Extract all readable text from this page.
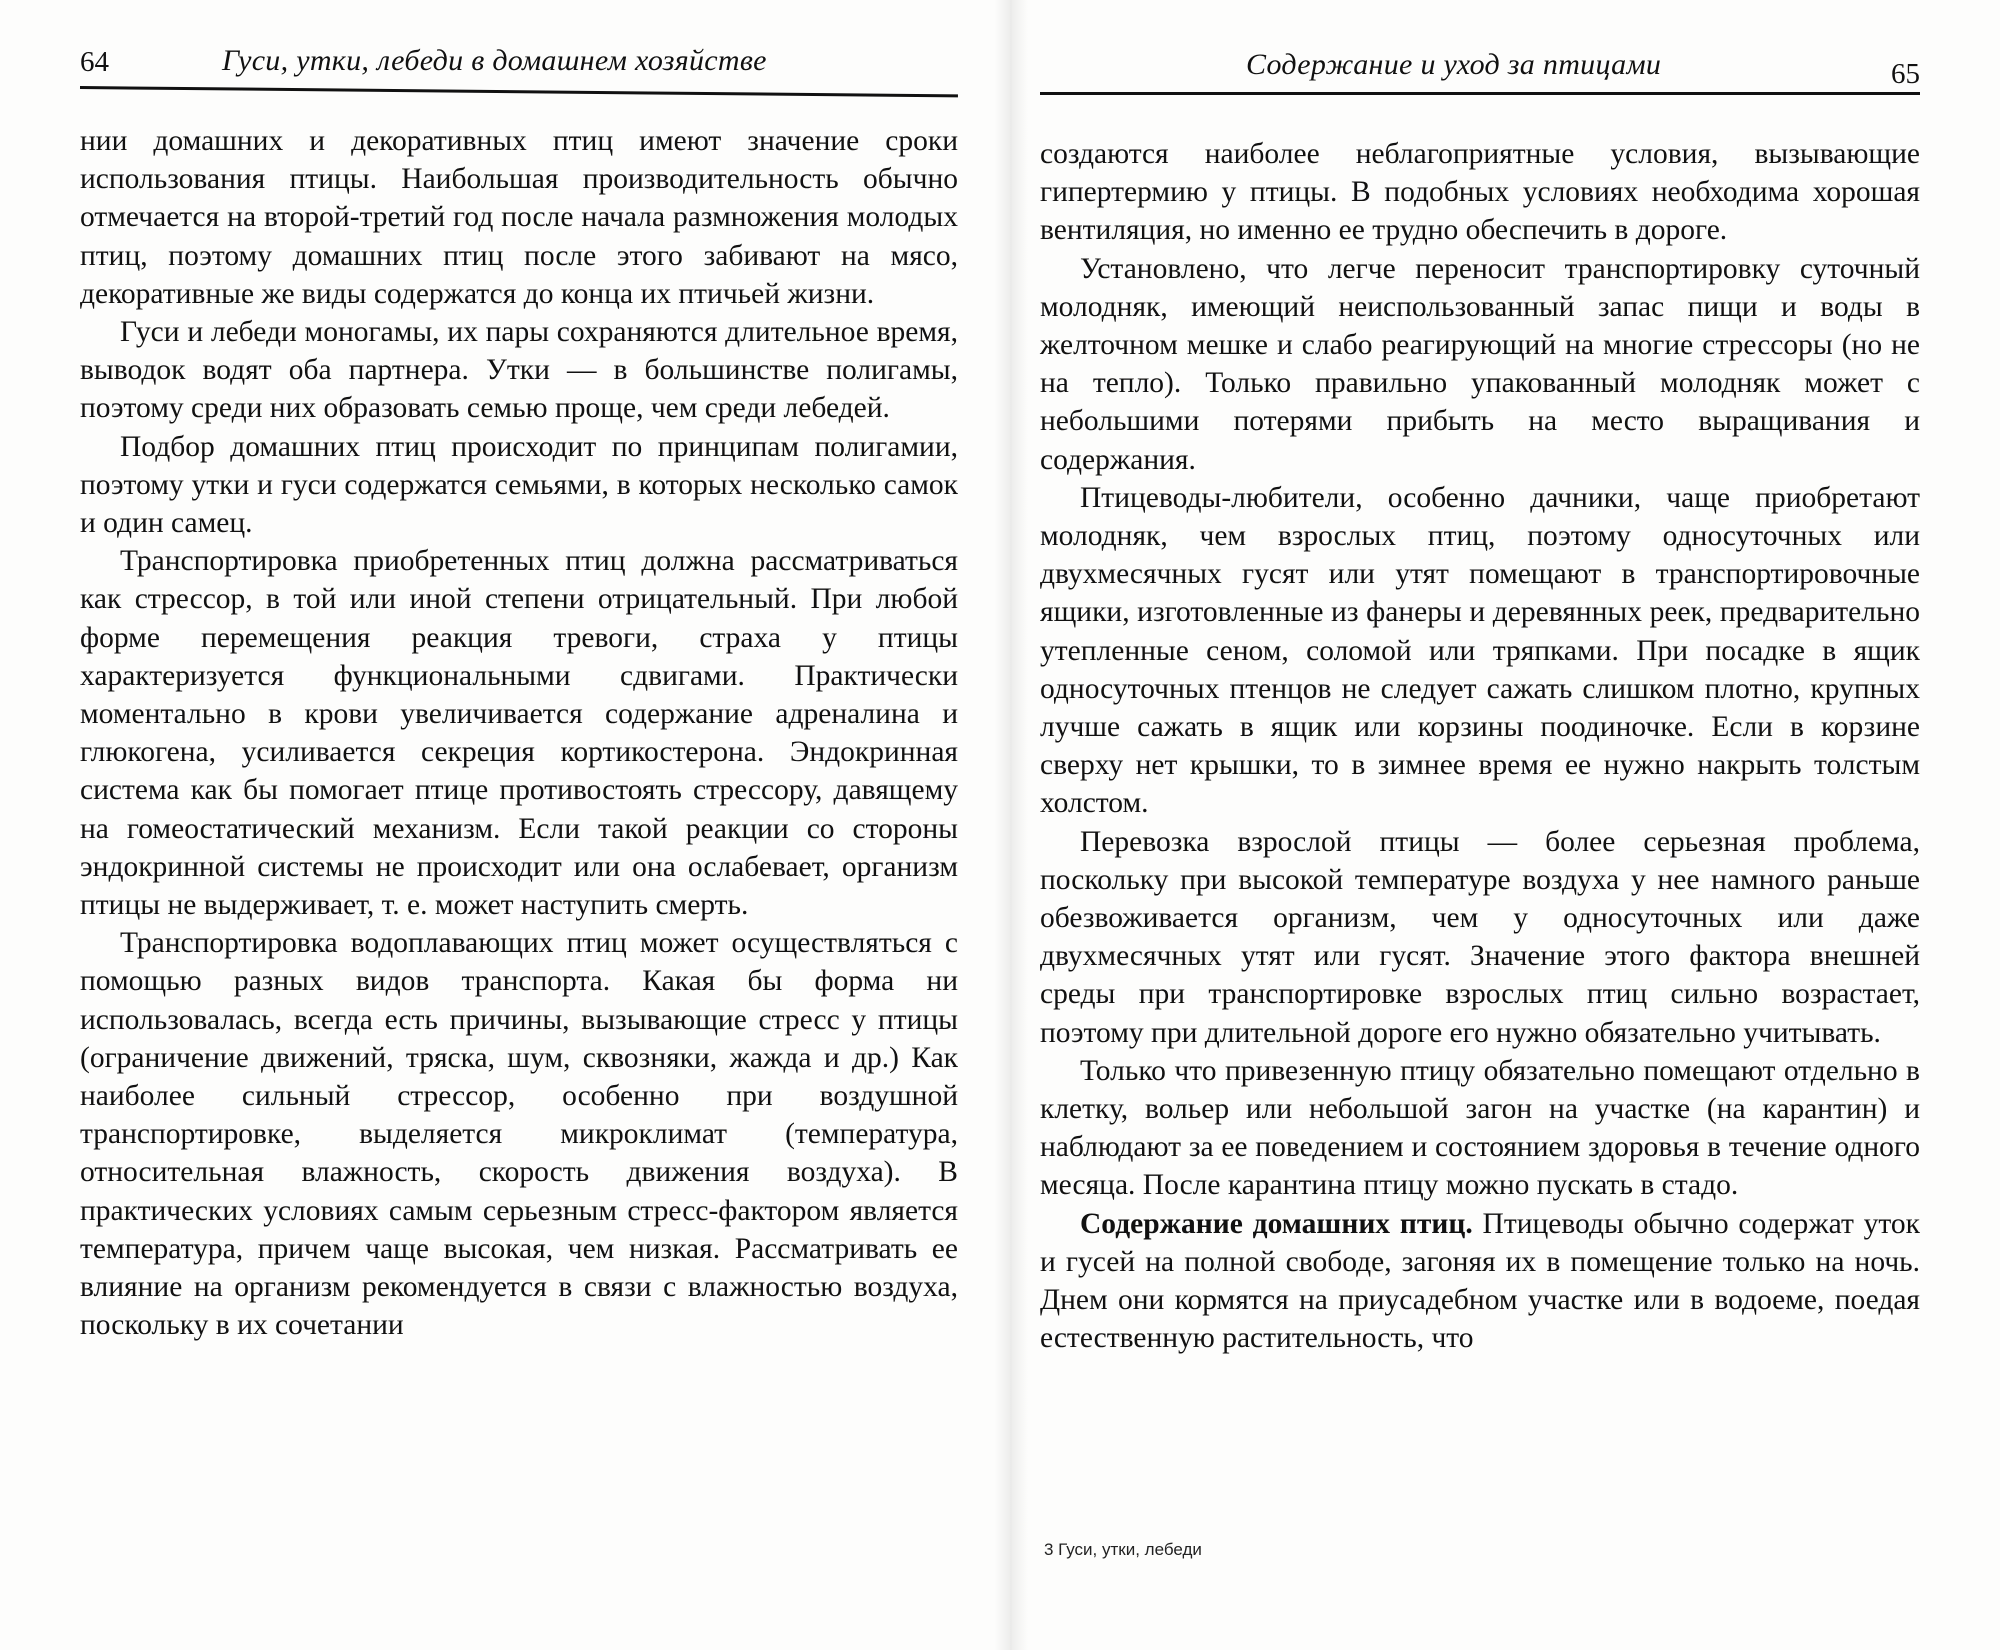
64	Гуси, утки, лебеди в домашнем хозяйстве

нии домашних и декоративных птиц имеют значение сроки использования птицы. Наибольшая производительность обычно отмечается на второй-третий год после начала размножения молодых птиц, поэтому домашних птиц после этого забивают на мясо, декоративные же виды содержатся до конца их птичьей жизни.

Гуси и лебеди моногамы, их пары сохраняются длительное время, выводок водят оба партнера. Утки — в большинстве полигамы, поэтому среди них образовать семью проще, чем среди лебедей.

Подбор домашних птиц происходит по принципам полигамии, поэтому утки и гуси содержатся семьями, в которых несколько самок и один самец.

Транспортировка приобретенных птиц должна рассматриваться как стрессор, в той или иной степени отрицательный. При любой форме перемещения реакция тревоги, страха у птицы характеризуется функциональными сдвигами. Практически моментально в крови увеличивается содержание адреналина и глюкогена, усиливается секреция кортикостерона. Эндокринная система как бы помогает птице противостоять стрессору, давящему на гомеостатический механизм. Если такой реакции со стороны эндокринной системы не происходит или она ослабевает, организм птицы не выдерживает, т. е. может наступить смерть.

Транспортировка водоплавающих птиц может осуществляться с помощью разных видов транспорта. Какая бы форма ни использовалась, всегда есть причины, вызывающие стресс у птицы (ограничение движений, тряска, шум, сквозняки, жажда и др.) Как наиболее сильный стрессор, особенно при воздушной транспортировке, выделяется микроклимат (температура, относительная влажность, скорость движения воздуха). В практических условиях самым серьезным стресс-фактором является температура, причем чаще высокая, чем низкая. Рассматривать ее влияние на организм рекомендуется в связи с влажностью воздуха, поскольку в их сочетании

Содержание и уход за птицами	65

создаются наиболее неблагоприятные условия, вызывающие гипертермию у птицы. В подобных условиях необходима хорошая вентиляция, но именно ее трудно обеспечить в дороге.

Установлено, что легче переносит транспортировку суточный молодняк, имеющий неиспользованный запас пищи и воды в желточном мешке и слабо реагирующий на многие стрессоры (но не на тепло). Только правильно упакованный молодняк может с небольшими потерями прибыть на место выращивания и содержания.

Птицеводы-любители, особенно дачники, чаще приобретают молодняк, чем взрослых птиц, поэтому односуточных или двухмесячных гусят или утят помещают в транспортировочные ящики, изготовленные из фанеры и деревянных реек, предварительно утепленные сеном, соломой или тряпками. При посадке в ящик односуточных птенцов не следует сажать слишком плотно, крупных лучше сажать в ящик или корзины поодиночке. Если в корзине сверху нет крышки, то в зимнее время ее нужно накрыть толстым холстом.

Перевозка взрослой птицы — более серьезная проблема, поскольку при высокой температуре воздуха у нее намного раньше обезвоживается организм, чем у односуточных или даже двухмесячных утят или гусят. Значение этого фактора внешней среды при транспортировке взрослых птиц сильно возрастает, поэтому при длительной дороге его нужно обязательно учитывать.

Только что привезенную птицу обязательно помещают отдельно в клетку, вольер или небольшой загон на участке (на карантин) и наблюдают за ее поведением и состоянием здоровья в течение одного месяца. После карантина птицу можно пускать в стадо.

Содержание домашних птиц. Птицеводы обычно содержат уток и гусей на полной свободе, загоняя их в помещение только на ночь. Днем они кормятся на приусадебном участке или в водоеме, поедая естественную растительность, что

3 Гуси, утки, лебеди
